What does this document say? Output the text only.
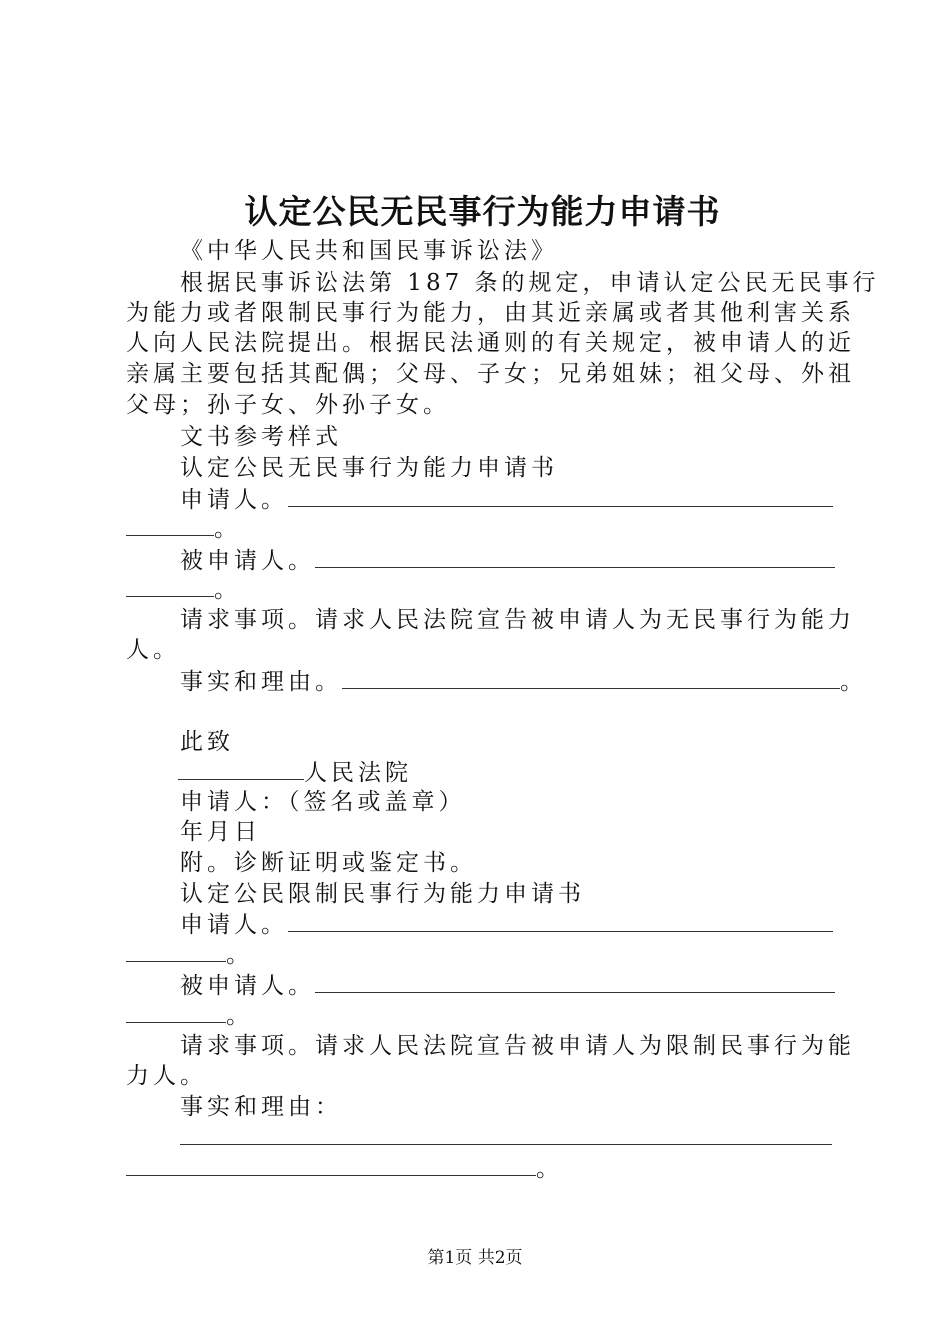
认定公民无民事行为能力申请书
《中华人民共和国民事诉讼法》
根据民事诉讼法第 187 条的规定，申请认定公民无民事行
为能力或者限制民事行为能力，由其近亲属或者其他利害关系
人向人民法院提出。根据民法通则的有关规定，被申请人的近
亲属主要包括其配偶；父母、子女；兄弟姐妹；祖父母、外祖
父母；孙子女、外孙子女。
文书参考样式
认定公民无民事行为能力申请书
申请人。
。
被申请人。
。
请求事项。请求人民法院宣告被申请人为无民事行为能力
人。
事实和理由。	。
此致
人民法院
申请人：（签名或盖章）
年月日
附。诊断证明或鉴定书。
认定公民限制民事行为能力申请书
申请人。
。
被申请人。
。
请求事项。请求人民法院宣告被申请人为限制民事行为能
力人。
事实和理由：
。
第1页 共2页
